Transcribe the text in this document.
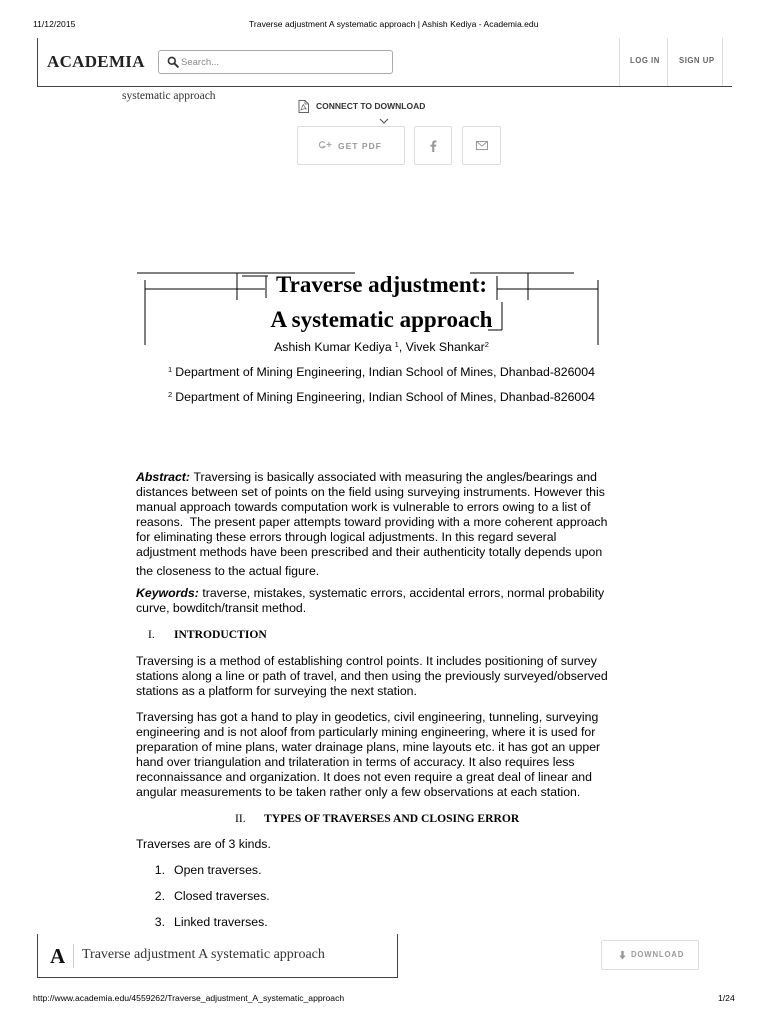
11/12/2015	Traverse adjustment A systematic approach | Ashish Kediya - Academia.edu
ACADEMIA
Search...	LOG IN SIGN UP
systematic approach
CONNECT TO DOWNLOAD
GET PDF
Traverse adjustment:
A systematic approach
Ashish Kumar Kediya $^1$, Vivek Shankar$^2$
$^1$ Department of Mining Engineering, Indian School of Mines, Dhanbad-826004
$^2$ Department of Mining Engineering, Indian School of Mines, Dhanbad-826004
Abstract: Traversing is basically associated with measuring the angles/bearings and
distances between set of points on the field using surveying instruments. However this
manual approach towards computation work is vulnerable to errors owing to a list of
reasons.  The present paper attempts toward providing with a more coherent approach
for eliminating these errors through logical adjustments. In this regard several
adjustment methods have been prescribed and their authenticity totally depends upon
the closeness to the actual figure.
Keywords: traverse, mistakes, systematic errors, accidental errors, normal probability
curve, bowditch/transit method.
I. INTRODUCTION
Traversing is a method of establishing control points. It includes positioning of survey
stations along a line or path of travel, and then using the previously surveyed/observed
stations as a platform for surveying the next station.
Traversing has got a hand to play in geodetics, civil engineering, tunneling, surveying
engineering and is not aloof from particularly mining engineering, where it is used for
preparation of mine plans, water drainage plans, mine layouts etc. it has got an upper
hand over triangulation and trilateration in terms of accuracy. It also requires less
reconnaissance and organization. It does not even require a great deal of linear and
angular measurements to be taken rather only a few observations at each station.
II. TYPES OF TRAVERSES AND CLOSING ERROR
Traverses are of 3 kinds.
1. Open traverses.
2. Closed traverses.
3. Linked traverses.
A Traverse adjustment A systematic approach	DOWNLOAD
http://www.academia.edu/4559262/Traverse_adjustment_A_systematic_approach	1/24
